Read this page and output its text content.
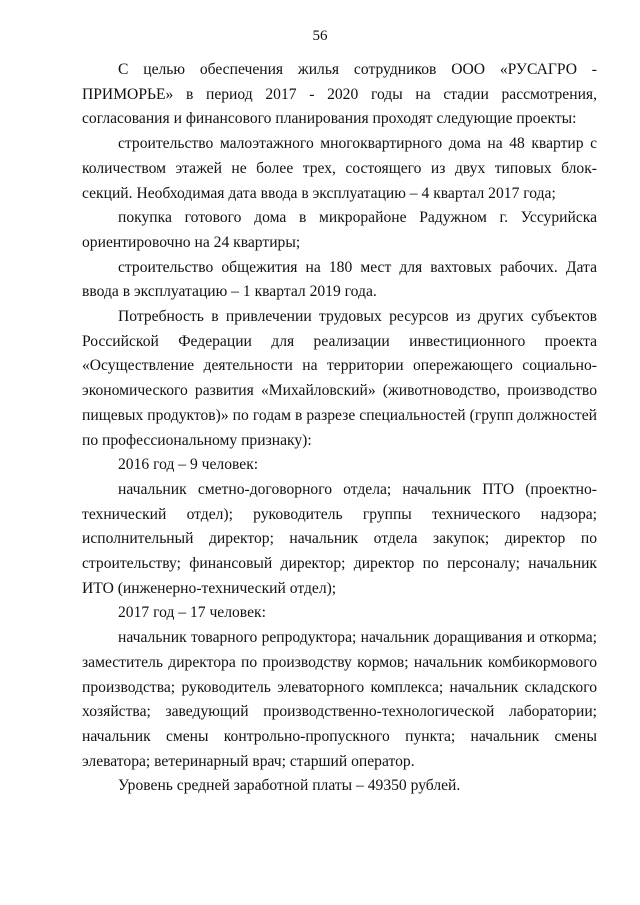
56

С целью обеспечения жилья сотрудников ООО «РУСАГРО - ПРИМОРЬЕ» в период 2017 - 2020 годы на стадии рассмотрения, согласования и финансового планирования проходят следующие проекты:

строительство малоэтажного многоквартирного дома на 48 квартир с количеством этажей не более трех, состоящего из двух типовых блок-секций. Необходимая дата ввода в эксплуатацию – 4 квартал 2017 года;

покупка готового дома в микрорайоне Радужном г. Уссурийска ориентировочно на 24 квартиры;

строительство общежития на 180 мест для вахтовых рабочих. Дата ввода в эксплуатацию – 1 квартал 2019 года.

Потребность в привлечении трудовых ресурсов из других субъектов Российской Федерации для реализации инвестиционного проекта «Осуществление деятельности на территории опережающего социально-экономического развития «Михайловский» (животноводство, производство пищевых продуктов)» по годам в разрезе специальностей (групп должностей по профессиональному признаку):

2016 год – 9 человек:

начальник сметно-договорного отдела; начальник ПТО (проектно-технический отдел); руководитель группы технического надзора; исполнительный директор; начальник отдела закупок; директор по строительству; финансовый директор; директор по персоналу; начальник ИТО (инженерно-технический отдел);

2017 год – 17 человек:

начальник товарного репродуктора; начальник доращивания и откорма; заместитель директора по производству кормов; начальник комбикормового производства; руководитель элеваторного комплекса; начальник складского хозяйства; заведующий производственно-технологической лаборатории; начальник смены контрольно-пропускного пункта; начальник смены элеватора; ветеринарный врач; старший оператор.

Уровень средней заработной платы – 49350 рублей.
